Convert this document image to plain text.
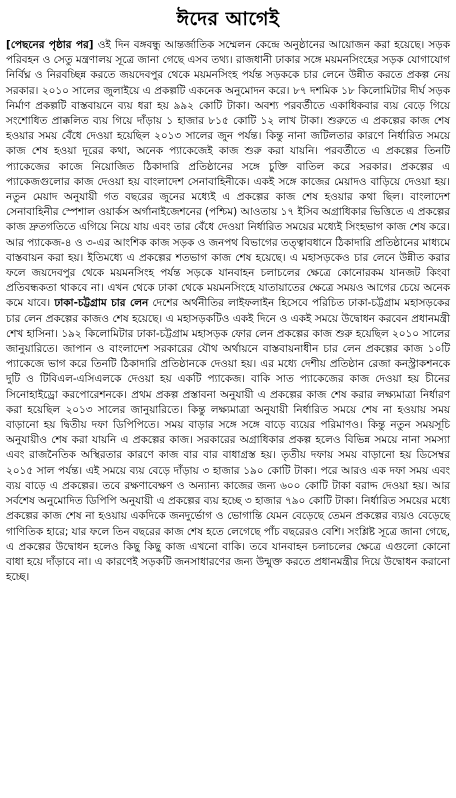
ঈদের আগেই

[পেছনের পৃষ্ঠার পর] ওই দিন বঙ্গবন্ধু আন্তর্জাতিক সম্মেলন কেন্দ্রে অনুষ্ঠানের আয়োজন করা হয়েছে। সড়ক পরিবহন ও সেতু মন্ত্রণালয় সূত্রে জানা গেছে এসব তথ্য। রাজধানী ঢাকার সঙ্গে ময়মনসিংহের সড়ক যোগাযোগ নির্বিঘ্ন ও নিরবচ্ছিন্ন করতে জয়দেবপুর থেকে ময়মনসিংহ পর্যন্ত সড়ককে চার লেনে উন্নীত করতে প্রকল্প নেয় সরকার। ২০১০ সালের জুলাইয়ে এ প্রকল্পটি একনেক অনুমোদন করে। ৮৭ দশমিক ১৮ কিলোমিটার দীর্ঘ সড়ক নির্মাণ প্রকল্পটি বাস্তবায়নে ব্যয় ধরা হয় ৯৯২ কোটি টাকা। অবশ্য পরবর্তীতে একাধিকবার ব্যয় বেড়ে গিয়ে সংশোধিত প্রাক্কলিত ব্যয় গিয়ে দাঁড়ায় ১ হাজার ৮১৫ কোটি ১২ লাখ টাকা। শুরুতে এ প্রকল্পের কাজ শেষ হওয়ার সময় বেঁধে দেওয়া হয়েছিল ২০১৩ সালের জুন পর্যন্ত। কিন্তু নানা জটিলতার কারণে নির্ধারিত সময়ে কাজ শেষ হওয়া দূরের কথা, অনেক প্যাকেজেই কাজ শুরু করা যায়নি। পরবর্তীতে এ প্রকল্পের তিনটি প্যাকেজের কাজে নিয়োজিত ঠিকাদারি প্রতিষ্ঠানের সঙ্গে চুক্তি বাতিল করে সরকার। প্রকল্পের এ প্যাকেজগুলোর কাজ দেওয়া হয় বাংলাদেশ সেনাবাহিনীকে। একই সঙ্গে কাজের মেয়াদও বাড়িয়ে দেওয়া হয়। নতুন মেয়াদ অনুযায়ী গত বছরের জুনের মধ্যেই এ প্রকল্পের কাজ শেষ হওয়ার কথা ছিল। বাংলাদেশ সেনাবাহিনীর স্পেশাল ওয়ার্কস অর্গানাইজেশনের (পশ্চিম) আওতায় ১৭ ইসিব অগ্রাধিকার ভিত্তিতে এ প্রকল্পের কাজ দ্রুতগতিতে এগিয়ে নিয়ে যায় এবং তার বেঁধে দেওয়া নির্ধারিত সময়ের মধ্যেই সিংহভাগ কাজ শেষ করে। আর প্যাকেজ-৪ ও ৩-এর আংশিক কাজ সড়ক ও জনপথ বিভাগের তত্ত্বাবধানে ঠিকাদারি প্রতিষ্ঠানের মাধ্যমে বাস্তবায়ন করা হয়। ইতিমধ্যে এ প্রকল্পের শতভাগ কাজ শেষ হয়েছে। এ মহাসড়কেও চার লেনে উন্নীত করার ফলে জয়দেবপুর থেকে ময়মনসিংহ পর্যন্ত সড়কে যানবাহন চলাচলের ক্ষেত্রে কোনোরকম যানজট কিংবা প্রতিবন্ধকতা থাকবে না। এখন থেকে ঢাকা থেকে ময়মনসিংহে যাতায়াতের ক্ষেত্রে সময়ও আগের চেয়ে অনেক কমে যাবে। ঢাকা-চট্টগ্রাম চার লেন দেশের অর্থনীতির লাইফলাইন হিসেবে পরিচিত ঢাকা-চট্টগ্রাম মহাসড়কের চার লেন প্রকল্পের কাজও শেষ হয়েছে। এ মহাসড়কটিও একই দিনে ও একই সময়ে উদ্বোধন করবেন প্রধানমন্ত্রী শেখ হাসিনা। ১৯২ কিলোমিটার ঢাকা-চট্টগ্রাম মহাসড়ক ফোর লেন প্রকল্পের কাজ শুরু হয়েছিল ২০১০ সালের জানুয়ারিতে। জাপান ও বাংলাদেশ সরকারের যৌথ অর্থায়নে বাস্তবায়নাধীন চার লেন প্রকল্পের কাজ ১০টি প্যাকেজে ভাগ করে তিনটি ঠিকাদারি প্রতিষ্ঠানকে দেওয়া হয়। এর মধ্যে দেশীয় প্রতিষ্ঠান রেজা কনস্ট্রাকশনকে দুটি ও টিবিএল-এসিএলকে দেওয়া হয় একটি প্যাকেজ। বাকি সাত প্যাকেজের কাজ দেওয়া হয় চীনের সিনোহাইড্রো করপোরেশনকে। প্রথম প্রকল্প প্রস্তাবনা অনুযায়ী এ প্রকল্পের কাজ শেষ করার লক্ষ্যমাত্রা নির্ধারণ করা হয়েছিল ২০১৩ সালের জানুয়ারিতে। কিন্তু লক্ষ্যমাত্রা অনুযায়ী নির্ধারিত সময়ে শেষ না হওয়ায় সময় বাড়ানো হয় দ্বিতীয় দফা ডিপিপিতে। সময় বাড়ার সঙ্গে সঙ্গে বাড়ে ব্যয়ের পরিমাণও। কিন্তু নতুন সময়সূচি অনুযায়ীও শেষ করা যায়নি এ প্রকল্পের কাজ। সরকারের অগ্রাধিকার প্রকল্প হলেও বিভিন্ন সময়ে নানা সমস্যা এবং রাজনৈতিক অস্থিরতার কারণে কাজ বার বার বাধাগ্রস্ত হয়। তৃতীয় দফায় সময় বাড়ানো হয় ডিসেম্বর ২০১৫ সাল পর্যন্ত। এই সময়ে ব্যয় বেড়ে দাঁড়ায় ৩ হাজার ১৯০ কোটি টাকা। পরে আরও এক দফা সময় এবং ব্যয় বাড়ে এ প্রকল্পের। তবে রক্ষণাবেক্ষণ ও অন্যান্য কাজের জন্য ৬০০ কোটি টাকা বরাদ্দ দেওয়া হয়। আর সর্বশেষ অনুমোদিত ডিপিপি অনুযায়ী এ প্রকল্পের ব্যয় হচ্ছে ৩ হাজার ৭৯০ কোটি টাকা। নির্ধারিত সময়ের মধ্যে প্রকল্পের কাজ শেষ না হওয়ায় একদিকে জনদুর্ভোগ ও ভোগান্তি যেমন বেড়েছে তেমন প্রকল্পের ব্যয়ও বেড়েছে গাণিতিক হারে; যার ফলে তিন বছরের কাজ শেষ হতে লেগেছে পাঁচ বছরেরও বেশি। সংশ্লিষ্ট সূত্রে জানা গেছে, এ প্রকল্পের উদ্বোধন হলেও কিছু কিছু কাজ এখনো বাকি। তবে যানবাহন চলাচলের ক্ষেত্রে এগুলো কোনো বাধা হয়ে দাঁড়াবে না। এ কারণেই সড়কটি জনসাধারণের জন্য উন্মুক্ত করতে প্রধানমন্ত্রীর দিয়ে উদ্বোধন করানো হচ্ছে।
